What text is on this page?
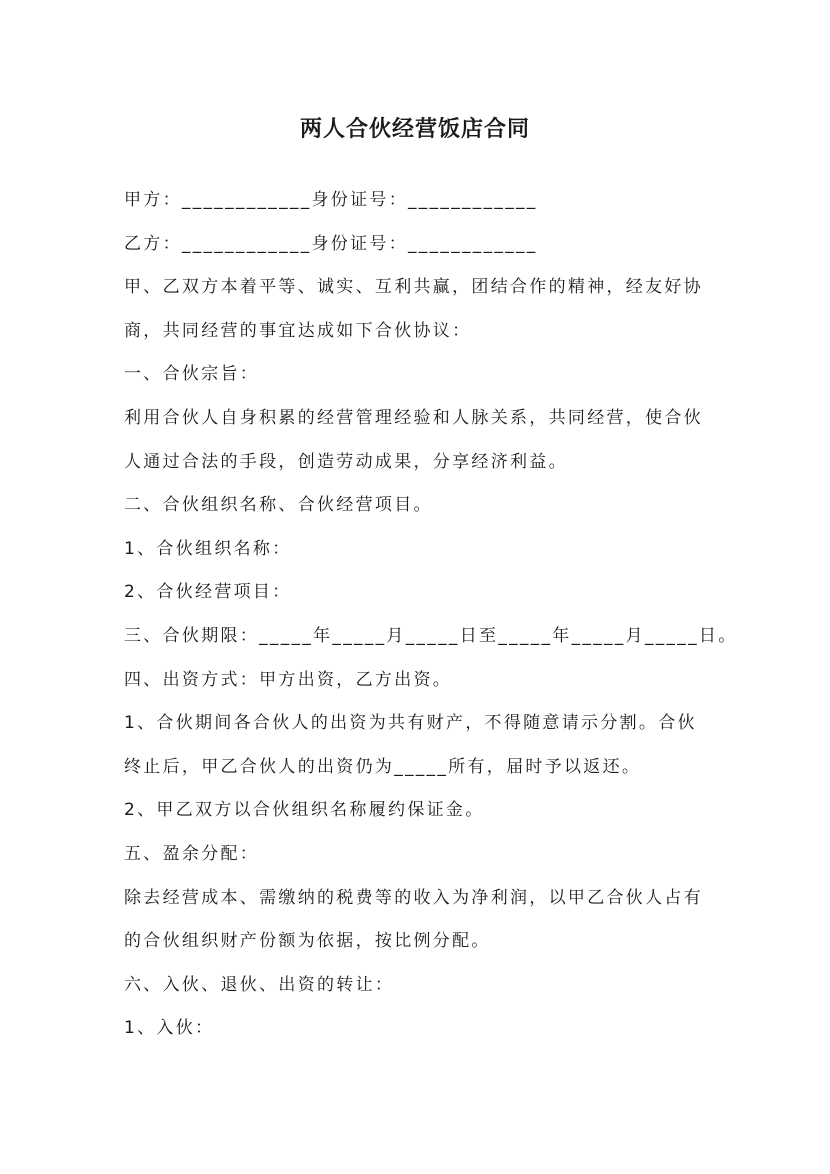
两人合伙经营饭店合同
甲方：____________身份证号：____________
乙方：____________身份证号：____________
甲、乙双方本着平等、诚实、互利共赢，团结合作的精神，经友好协
商，共同经营的事宜达成如下合伙协议：
一、合伙宗旨：
利用合伙人自身积累的经营管理经验和人脉关系，共同经营，使合伙
人通过合法的手段，创造劳动成果，分享经济利益。
二、合伙组织名称、合伙经营项目。
1、合伙组织名称：
2、合伙经营项目：
三、合伙期限：_____年_____月_____日至_____年_____月_____日。
四、出资方式：甲方出资，乙方出资。
1、合伙期间各合伙人的出资为共有财产，不得随意请示分割。合伙
终止后，甲乙合伙人的出资仍为_____所有，届时予以返还。
2、甲乙双方以合伙组织名称履约保证金。
五、盈余分配：
除去经营成本、需缴纳的税费等的收入为净利润，以甲乙合伙人占有
的合伙组织财产份额为依据，按比例分配。
六、入伙、退伙、出资的转让：
1、入伙：
